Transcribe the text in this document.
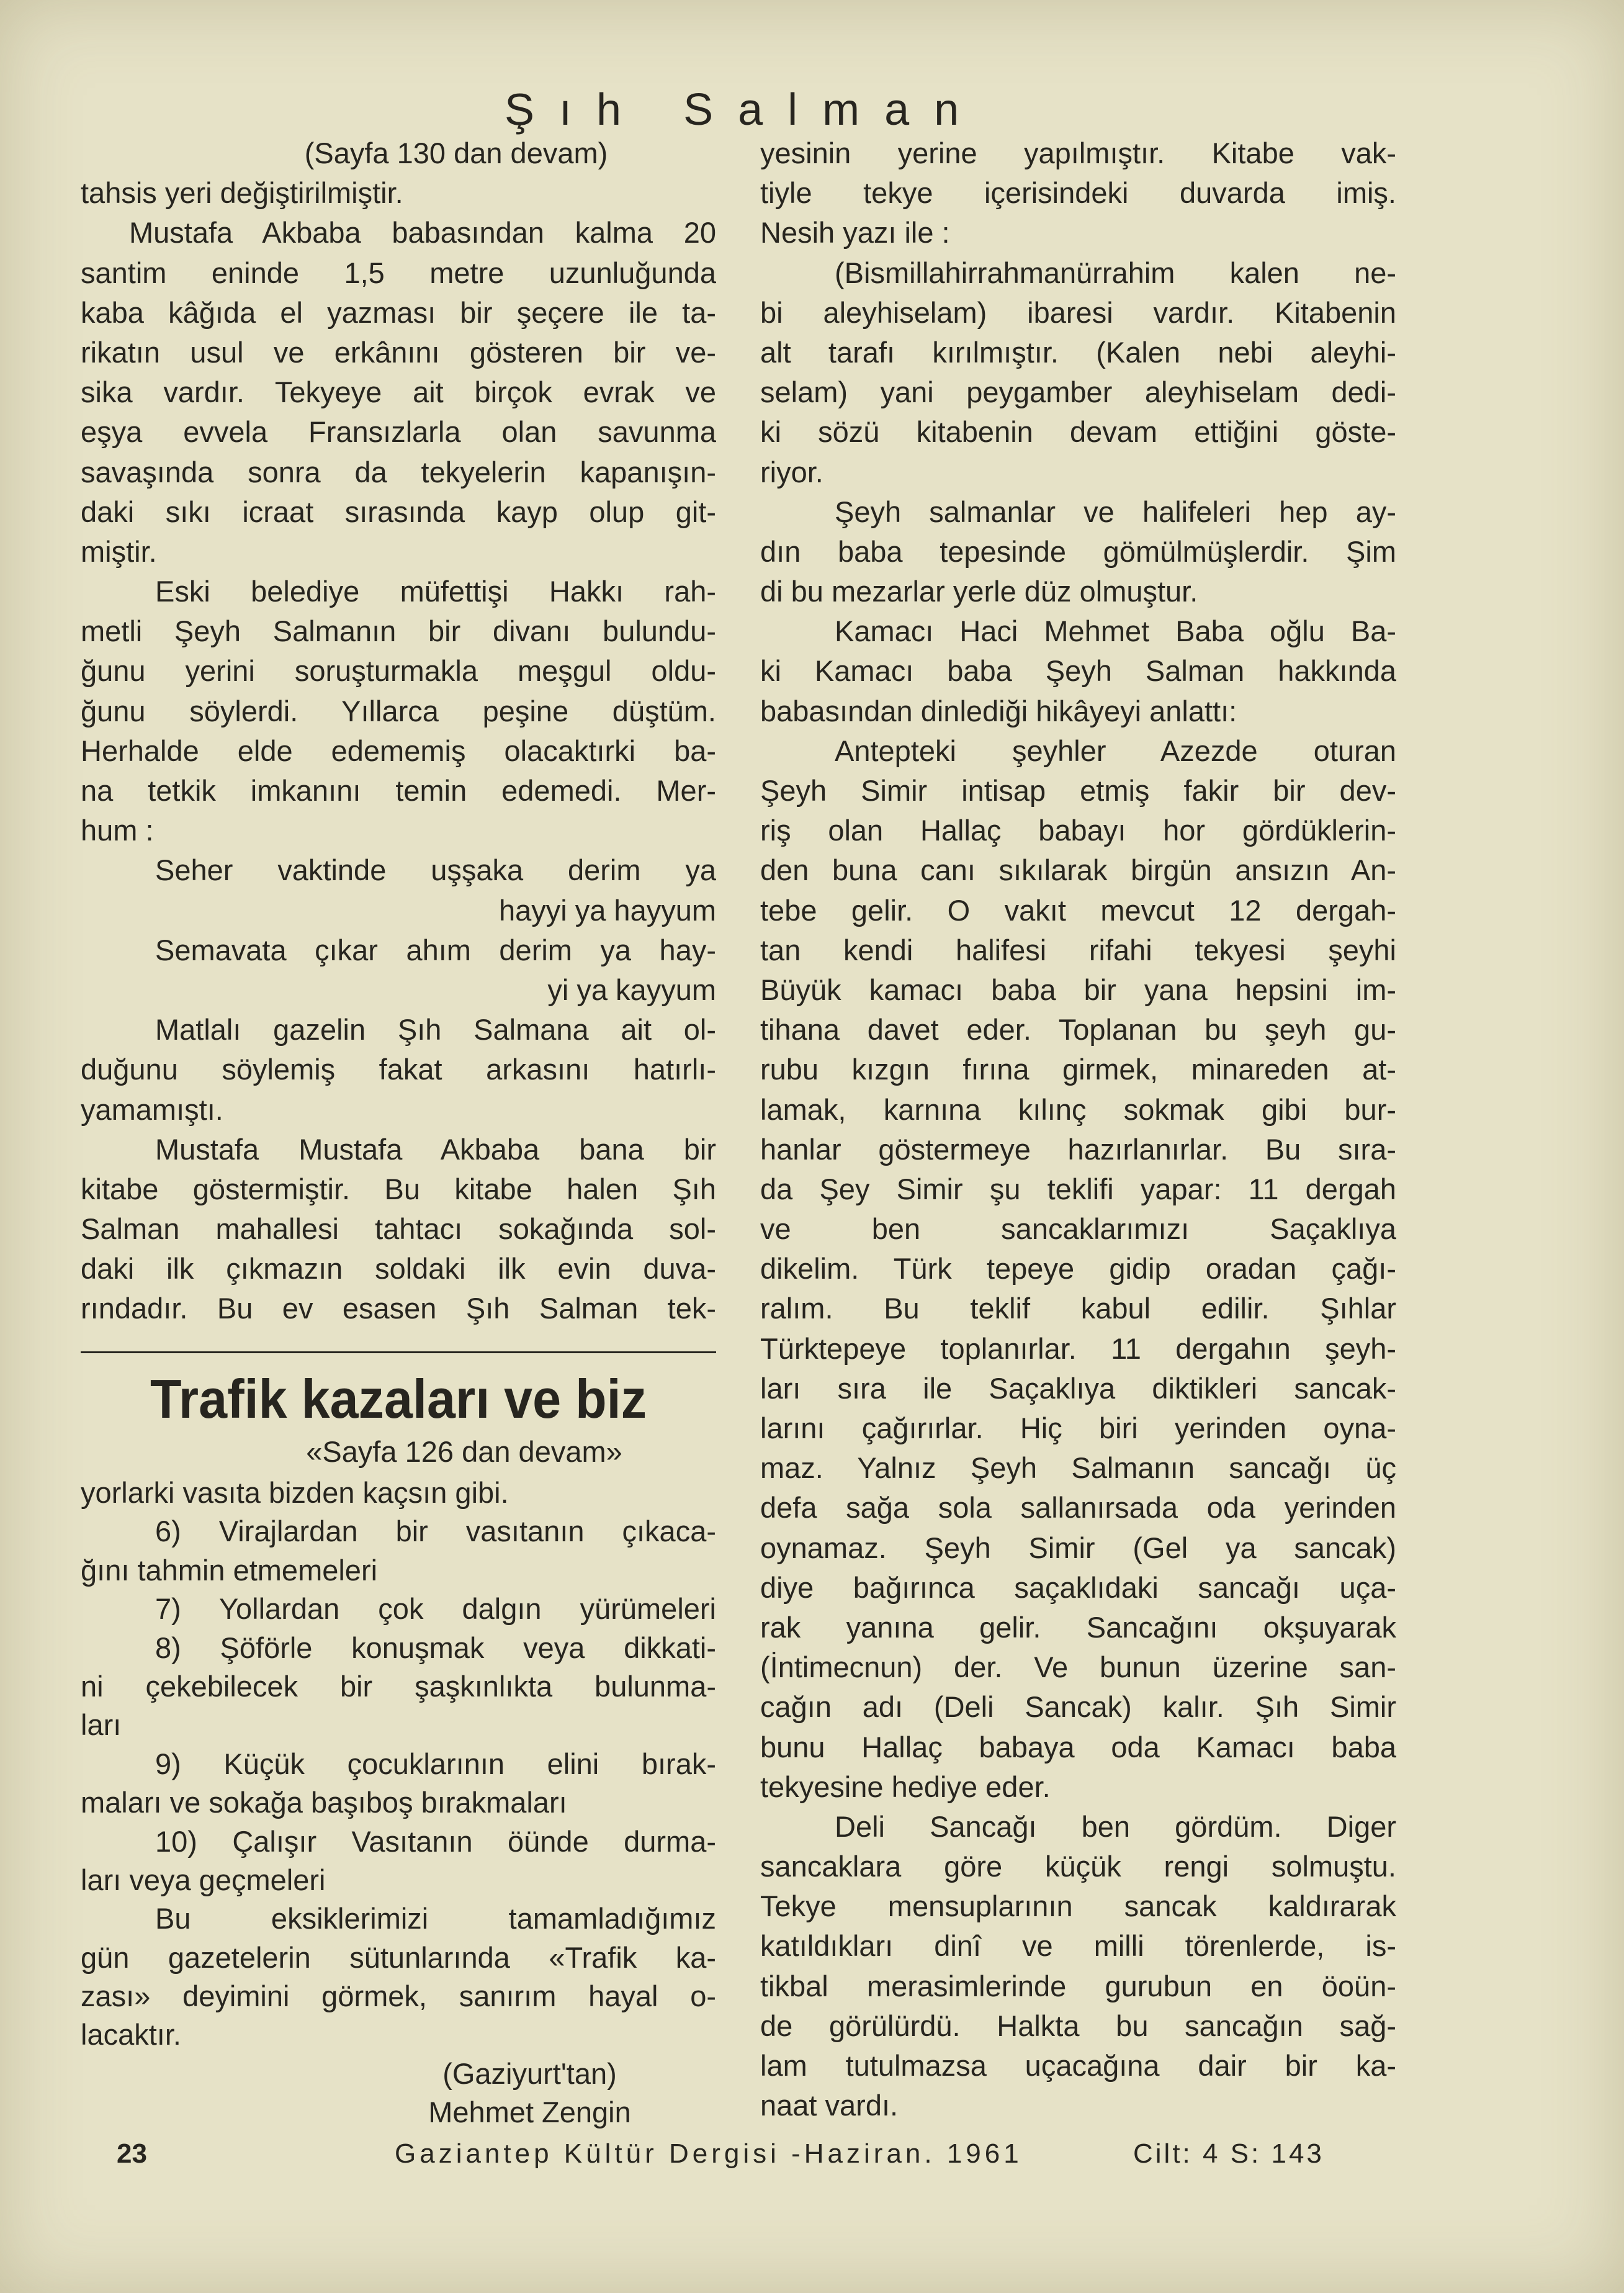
Şıh Salman
(Sayfa 130 dan devam)
tahsis yeri değiştirilmiştir.
Mustafa Akbaba babasından kalma 20
santim eninde 1,5 metre uzunluğunda
kaba kâğıda el yazması bir şeçere ile ta-
rikatın usul ve erkânını gösteren bir ve-
sika vardır. Tekyeye ait birçok evrak ve
eşya evvela Fransızlarla olan savunma
savaşında sonra da tekyelerin kapanışın-
daki sıkı icraat sırasında kayp olup git-
miştir.
Eski belediye müfettişi Hakkı rah-
metli Şeyh Salmanın bir divanı bulundu-
ğunu yerini soruşturmakla meşgul oldu-
ğunu söylerdi. Yıllarca peşine düştüm.
Herhalde elde edememiş olacaktırki ba-
na tetkik imkanını temin edemedi. Mer-
hum :
Seher vaktinde uşşaka derim ya
hayyi ya hayyum
Semavata çıkar ahım derim ya hay-
yi ya kayyum
Matlalı gazelin Şıh Salmana ait ol-
duğunu söylemiş fakat arkasını hatırlı-
yamamıştı.
Mustafa Mustafa Akbaba bana bir
kitabe göstermiştir. Bu kitabe halen Şıh
Salman mahallesi tahtacı sokağında sol-
daki ilk çıkmazın soldaki ilk evin duva-
rındadır. Bu ev esasen Şıh Salman tek-
Trafik kazaları ve biz
«Sayfa 126 dan devam»
yorlarki vasıta bizden kaçsın gibi.
6) Virajlardan bir vasıtanın çıkaca-
ğını tahmin etmemeleri
7) Yollardan çok dalgın yürümeleri
8) Şöförle konuşmak veya dikkati-
ni çekebilecek bir şaşkınlıkta bulunma-
ları
9) Küçük çocuklarının elini bırak-
maları ve sokağa başıboş bırakmaları
10) Çalışır Vasıtanın öünde durma-
ları veya geçmeleri
Bu eksiklerimizi tamamladığımız
gün gazetelerin sütunlarında «Trafik ka-
zası» deyimini görmek, sanırım hayal o-
lacaktır.
(Gaziyurt'tan)
Mehmet Zengin
yesinin yerine yapılmıştır. Kitabe vak-
tiyle tekye içerisindeki duvarda imiş.
Nesih yazı ile :
(Bismillahirrahmanürrahim kalen ne-
bi aleyhiselam) ibaresi vardır. Kitabenin
alt tarafı kırılmıştır. (Kalen nebi aleyhi-
selam) yani peygamber aleyhiselam dedi-
ki sözü kitabenin devam ettiğini göste-
riyor.
Şeyh salmanlar ve halifeleri hep ay-
dın baba tepesinde gömülmüşlerdir. Şim
di bu mezarlar yerle düz olmuştur.
Kamacı Haci Mehmet Baba oğlu Ba-
ki Kamacı baba Şeyh Salman hakkında
babasından dinlediği hikâyeyi anlattı:
Antepteki şeyhler Azezde oturan
Şeyh Simir intisap etmiş fakir bir dev-
riş olan Hallaç babayı hor gördüklerin-
den buna canı sıkılarak birgün ansızın An-
tebe gelir. O vakıt mevcut 12 dergah-
tan kendi halifesi rifahi tekyesi şeyhi
Büyük kamacı baba bir yana hepsini im-
tihana davet eder. Toplanan bu şeyh gu-
rubu kızgın fırına girmek, minareden at-
lamak, karnına kılınç sokmak gibi bur-
hanlar göstermeye hazırlanırlar. Bu sıra-
da Şey Simir şu teklifi yapar: 11 dergah
ve ben sancaklarımızı Saçaklıya
dikelim. Türk tepeye gidip oradan çağı-
ralım. Bu teklif kabul edilir. Şıhlar
Türktepeye toplanırlar. 11 dergahın şeyh-
ları sıra ile Saçaklıya diktikleri sancak-
larını çağırırlar. Hiç biri yerinden oyna-
maz. Yalnız Şeyh Salmanın sancağı üç
defa sağa sola sallanırsada oda yerinden
oynamaz. Şeyh Simir (Gel ya sancak)
diye bağırınca saçaklıdaki sancağı uça-
rak yanına gelir. Sancağını okşuyarak
(İntimecnun) der. Ve bunun üzerine san-
cağın adı (Deli Sancak) kalır. Şıh Simir
bunu Hallaç babaya oda Kamacı baba
tekyesine hediye eder.
Deli Sancağı ben gördüm. Diger
sancaklara göre küçük rengi solmuştu.
Tekye mensuplarının sancak kaldırarak
katıldıkları dinî ve milli törenlerde, is-
tikbal merasimlerinde gurubun en öoün-
de görülürdü. Halkta bu sancağın sağ-
lam tutulmazsa uçacağına dair bir ka-
naat vardı.
23	Gaziantep Kültür Dergisi -Haziran. 1961	Cilt: 4 S: 143
